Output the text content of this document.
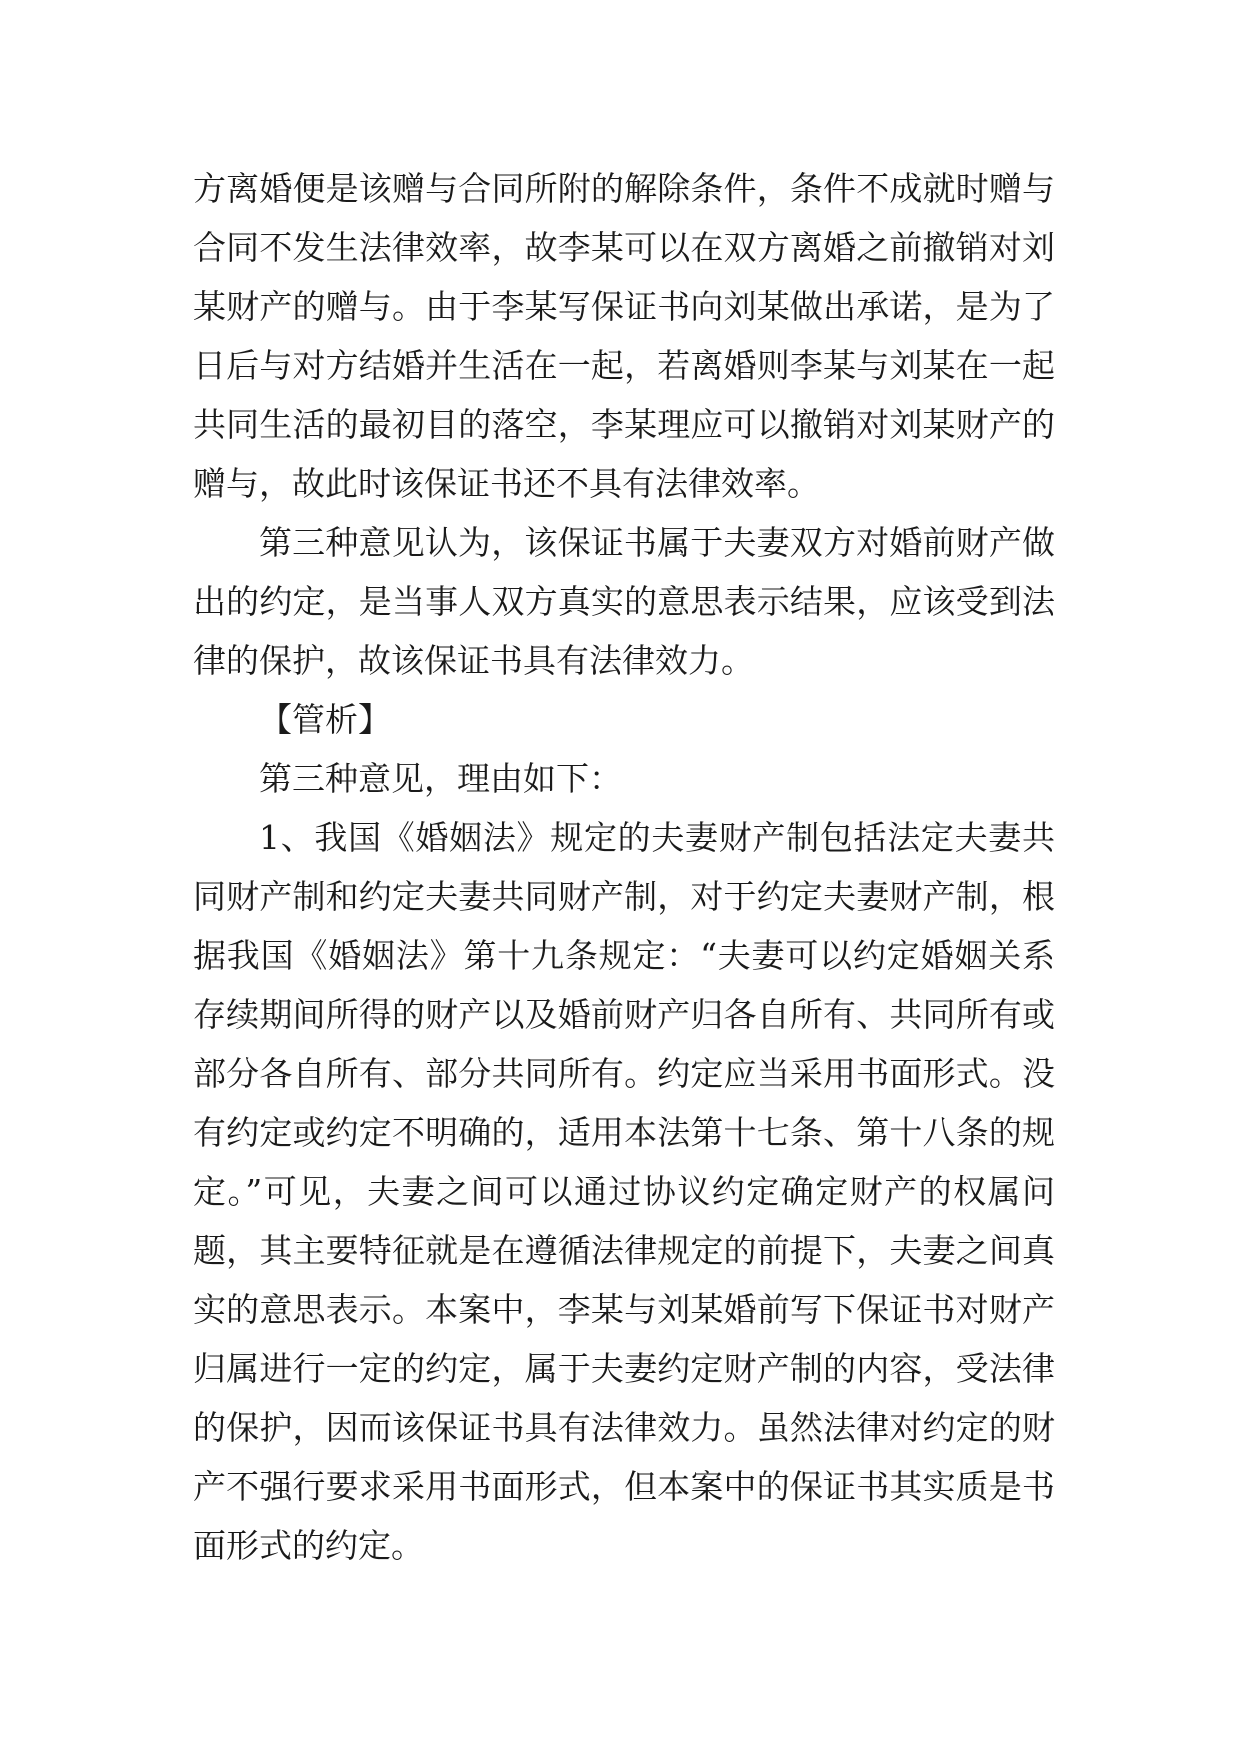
方离婚便是该赠与合同所附的解除条件，条件不成就时赠与
合同不发生法律效率，故李某可以在双方离婚之前撤销对刘
某财产的赠与。由于李某写保证书向刘某做出承诺，是为了
日后与对方结婚并生活在一起，若离婚则李某与刘某在一起
共同生活的最初目的落空，李某理应可以撤销对刘某财产的
赠与，故此时该保证书还不具有法律效率。
第三种意见认为，该保证书属于夫妻双方对婚前财产做
出的约定，是当事人双方真实的意思表示结果，应该受到法
律的保护，故该保证书具有法律效力。
【管析】
第三种意见，理由如下：
1、我国《婚姻法》规定的夫妻财产制包括法定夫妻共
同财产制和约定夫妻共同财产制，对于约定夫妻财产制，根
据我国《婚姻法》第十九条规定：“夫妻可以约定婚姻关系
存续期间所得的财产以及婚前财产归各自所有、共同所有或
部分各自所有、部分共同所有。约定应当采用书面形式。没
有约定或约定不明确的，适用本法第十七条、第十八条的规
定。”可见，夫妻之间可以通过协议约定确定财产的权属问
题，其主要特征就是在遵循法律规定的前提下，夫妻之间真
实的意思表示。本案中，李某与刘某婚前写下保证书对财产
归属进行一定的约定，属于夫妻约定财产制的内容，受法律
的保护，因而该保证书具有法律效力。虽然法律对约定的财
产不强行要求采用书面形式，但本案中的保证书其实质是书
面形式的约定。
